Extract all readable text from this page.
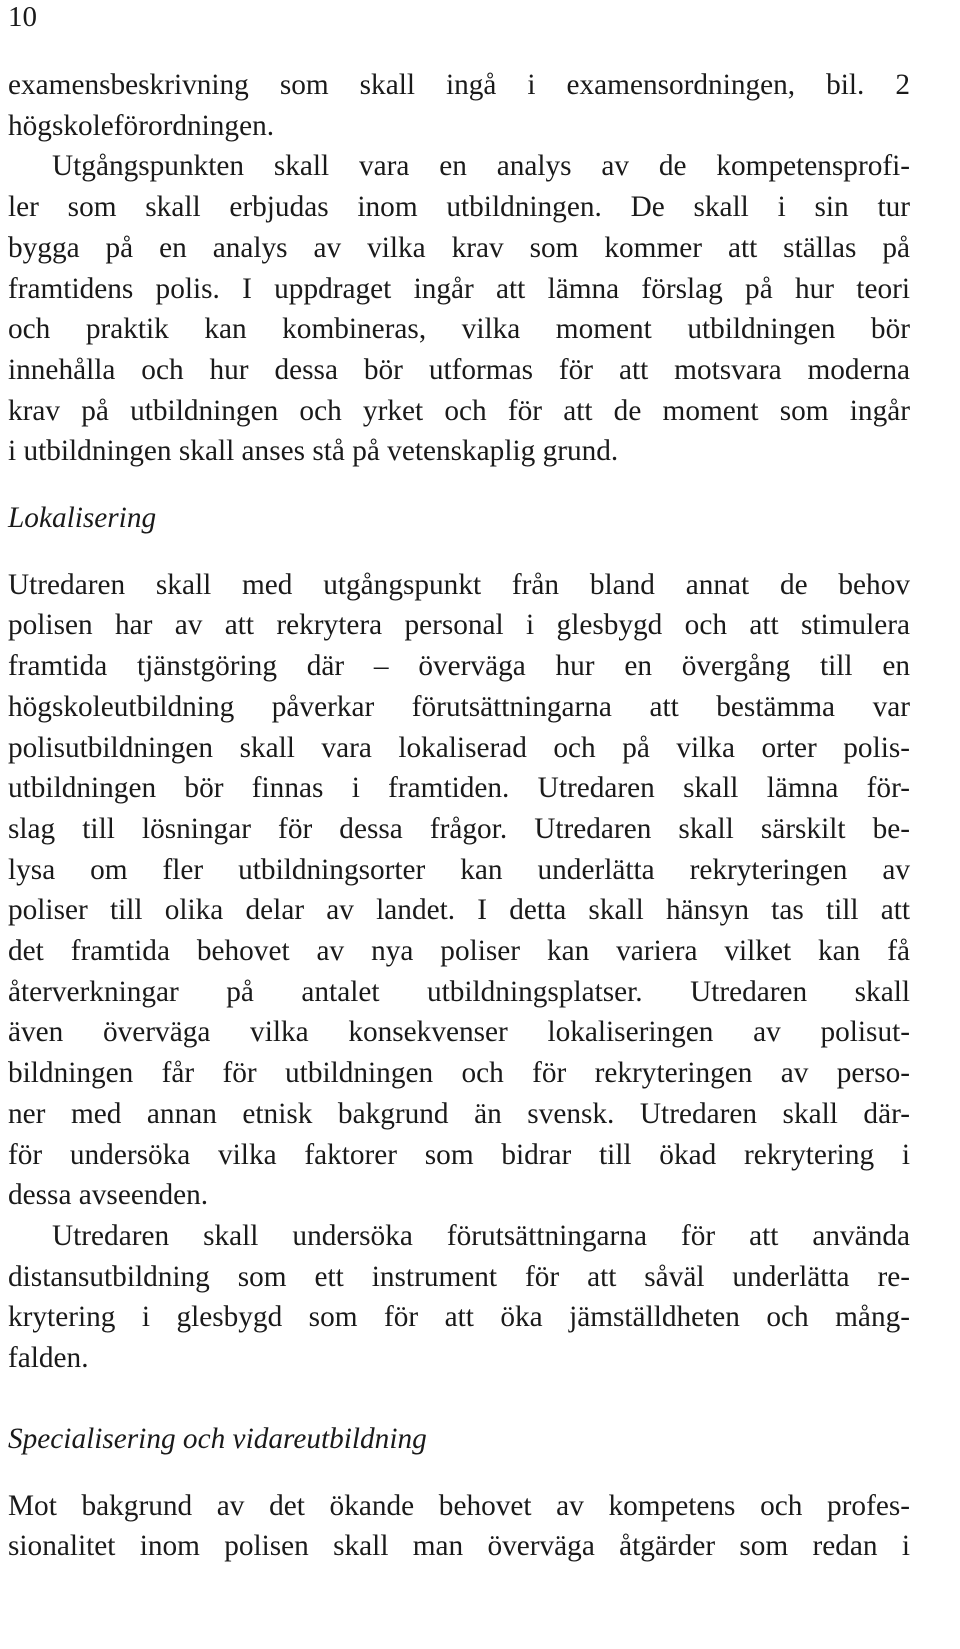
10
examensbeskrivning som skall ingå i examensordningen, bil. 2
högskoleförordningen.
Utgångspunkten skall vara en analys av de kompetensprofi-
ler som skall erbjudas inom utbildningen. De skall i sin tur
bygga på en analys av vilka krav som kommer att ställas på
framtidens polis. I uppdraget ingår att lämna förslag på hur teori
och praktik kan kombineras, vilka moment utbildningen bör
innehålla och hur dessa bör utformas för att motsvara moderna
krav på utbildningen och yrket och för att de moment som ingår
i utbildningen skall anses stå på vetenskaplig grund.
Lokalisering
Utredaren skall med utgångspunkt från bland annat de behov
polisen har av att rekrytera personal i glesbygd och att stimulera
framtida tjänstgöring där – överväga hur en övergång till en
högskoleutbildning påverkar förutsättningarna att bestämma var
polisutbildningen skall vara lokaliserad och på vilka orter polis-
utbildningen bör finnas i framtiden. Utredaren skall lämna för-
slag till lösningar för dessa frågor. Utredaren skall särskilt be-
lysa om fler utbildningsorter kan underlätta rekryteringen av
poliser till olika delar av landet. I detta skall hänsyn tas till att
det framtida behovet av nya poliser kan variera vilket kan få
återverkningar på antalet utbildningsplatser. Utredaren skall
även överväga vilka konsekvenser lokaliseringen av polisut-
bildningen får för utbildningen och för rekryteringen av perso-
ner med annan etnisk bakgrund än svensk. Utredaren skall där-
för undersöka vilka faktorer som bidrar till ökad rekrytering i
dessa avseenden.
Utredaren skall undersöka förutsättningarna för att använda
distansutbildning som ett instrument för att såväl underlätta re-
krytering i glesbygd som för att öka jämställdheten och mång-
falden.
Specialisering och vidareutbildning
Mot bakgrund av det ökande behovet av kompetens och profes-
sionalitet inom polisen skall man överväga åtgärder som redan i
